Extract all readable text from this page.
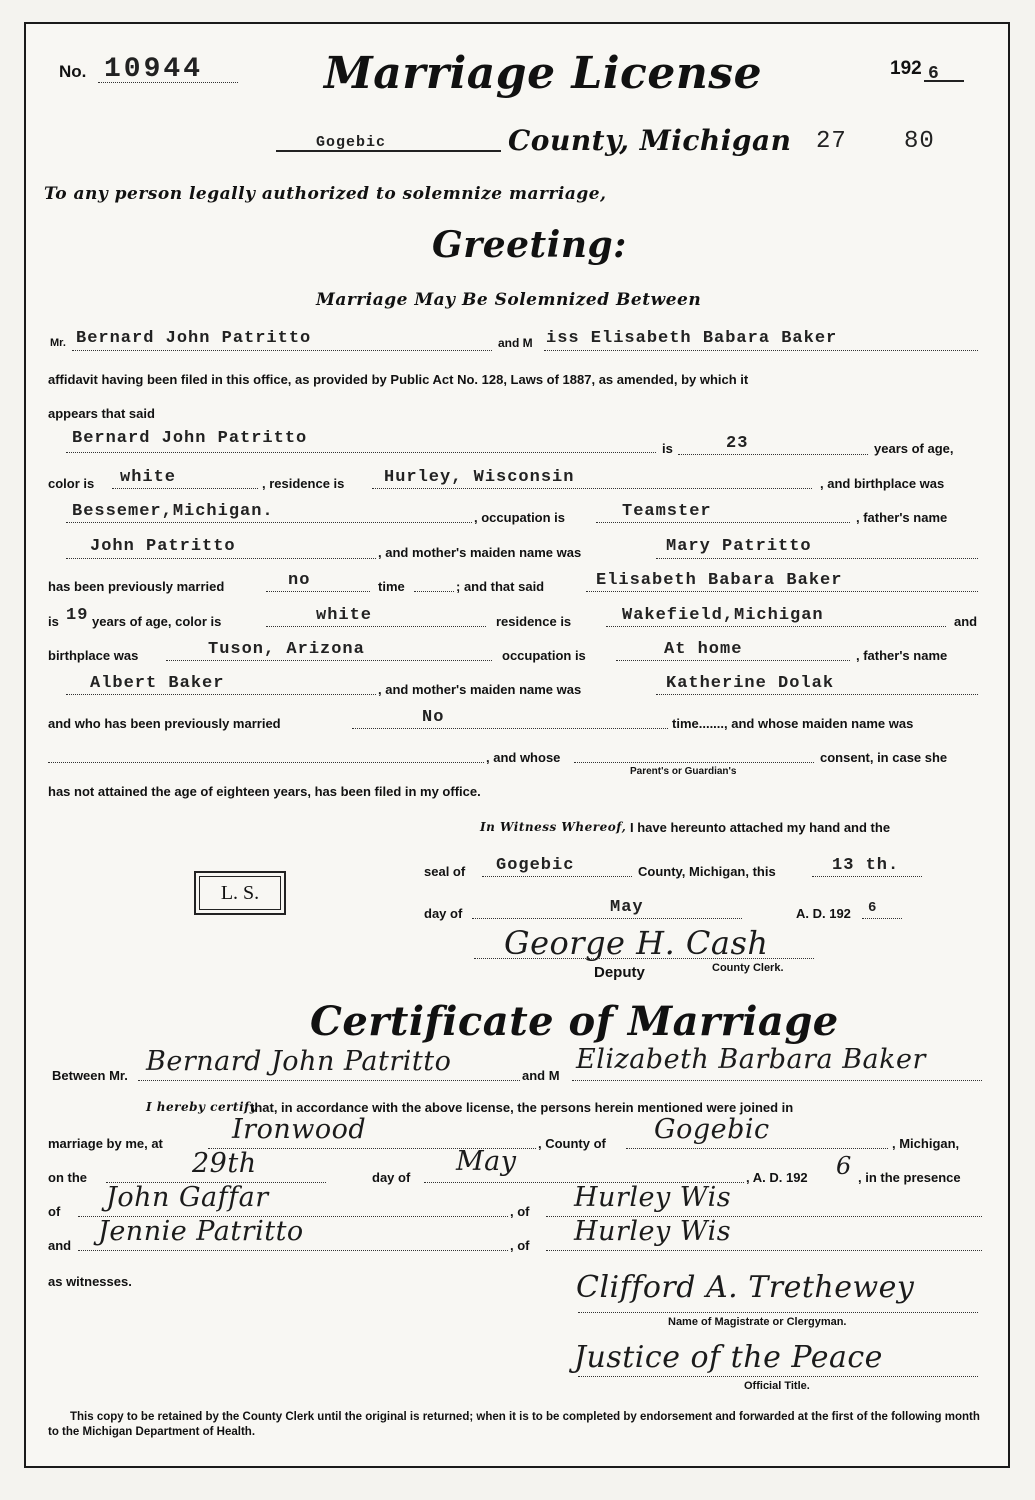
No. 10944	Marriage License	192 6
Gogebic	County, Michigan 27 80
To any person legally authorized to solemnize marriage,
Greeting:
Marriage May Be Solemnized Between
Mr. Bernard John Patritto	and M iss Elisabeth Babara Baker
affidavit having been filed in this office, as provided by Public Act No. 128, Laws of 1887, as amended, by which it
appears that said
Bernard John Patritto
is	23	years of age,
color is white	, residence is Hurley, Wisconsin	, and birthplace was
Bessemer,Michigan.	, occupation is	Teamster	, father's name
John Patritto	, and mother's maiden name was	Mary Patritto
has been previously married	no	time	; and that said	Elisabeth Babara Baker
is 19 years of age, color is	white	residence is	Wakefield,Michigan	and
birthplace was	Tuson, Arizona	occupation is	At home	, father's name
Albert Baker	, and mother's maiden name was	Katherine Dolak
and who has been previously married	No	time......., and whose maiden name was
, and whose	consent, in case she
Parent's or Guardian's
has not attained the age of eighteen years, has been filed in my office.
In Witness Whereof, I have hereunto attached my hand and the
seal of Gogebic	County, Michigan, this	13 th.
L. S.
day of	May	A. D. 192 6
George H. Cash
Deputy	County Clerk.
Certificate of Marriage
Between Mr. Bernard John Patritto	and M
Elizabeth Barbara Baker
I hereby certify
that, in accordance with the above license, the persons herein mentioned were joined in
marriage by me, at	Ironwood	, County of Gogebic	, Michigan,
on the	29th	day of
May
, A. D. 192 6 , in the presence
of John Gaffar	, of Hurley Wis
and Jennie Patritto	, of Hurley Wis
as witnesses.	Clifford A. Trethewey
Name of Magistrate or Clergyman.
Justice of the Peace
Official Title.
This copy to be retained by the County Clerk until the original is returned; when it is to be completed by endorsement and forwarded at the first of the following month to the Michigan Department of Health.
